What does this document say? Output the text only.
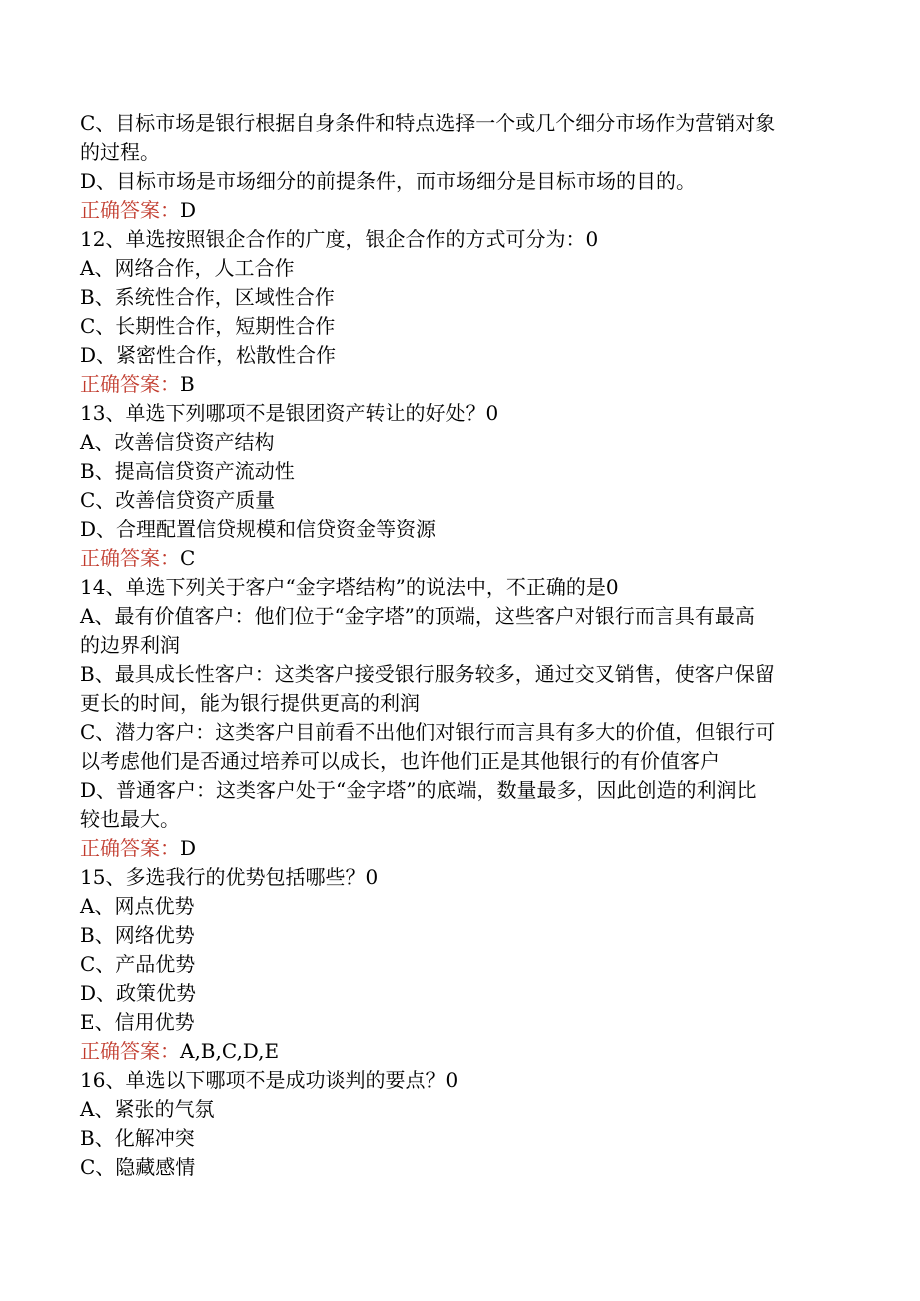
C、目标市场是银行根据自身条件和特点选择一个或几个细分市场作为营销对象
的过程。
D、目标市场是市场细分的前提条件，而市场细分是目标市场的目的。
正确答案：D
12、单选按照银企合作的广度，银企合作的方式可分为：0
A、网络合作，人工合作
B、系统性合作，区域性合作
C、长期性合作，短期性合作
D、紧密性合作，松散性合作
正确答案：B
13、单选下列哪项不是银团资产转让的好处？0
A、改善信贷资产结构
B、提高信贷资产流动性
C、改善信贷资产质量
D、合理配置信贷规模和信贷资金等资源
正确答案：C
14、单选下列关于客户“金字塔结构”的说法中，不正确的是0
A、最有价值客户：他们位于“金字塔”的顶端，这些客户对银行而言具有最高
的边界利润
B、最具成长性客户：这类客户接受银行服务较多，通过交叉销售，使客户保留
更长的时间，能为银行提供更高的利润
C、潜力客户：这类客户目前看不出他们对银行而言具有多大的价值，但银行可
以考虑他们是否通过培养可以成长，也许他们正是其他银行的有价值客户
D、普通客户：这类客户处于“金字塔”的底端，数量最多，因此创造的利润比
较也最大。
正确答案：D
15、多选我行的优势包括哪些？0
A、网点优势
B、网络优势
C、产品优势
D、政策优势
E、信用优势
正确答案：A,B,C,D,E
16、单选以下哪项不是成功谈判的要点？0
A、紧张的气氛
B、化解冲突
C、隐藏感情
